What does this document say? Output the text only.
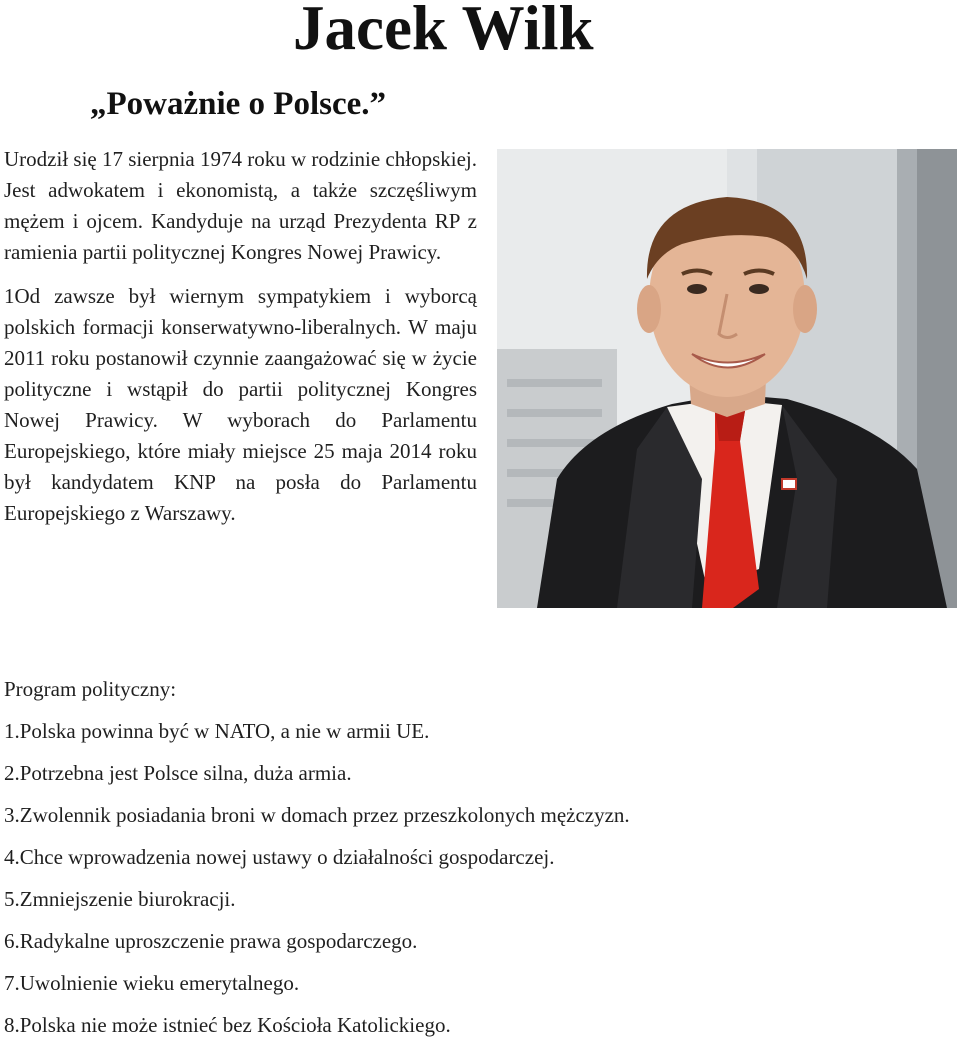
Jacek Wilk
„Poważnie o Polsce.”

Urodził się 17 sierpnia 1974 roku w rodzinie chłopskiej. Jest adwokatem i ekonomistą, a także szczęśliwym mężem i ojcem. Kandyduje na urząd Prezydenta RP z ramienia partii politycznej Kongres Nowej Prawicy.

1Od zawsze był wiernym sympatykiem i wyborcą polskich formacji konserwatywno-liberalnych. W maju 2011 roku postanowił czynnie zaangażować się w życie polityczne i wstąpił do partii politycznej Kongres Nowej Prawicy. W wyborach do Parlamentu Europejskiego, które miały miejsce 25 maja 2014 roku był kandydatem KNP na posła do Parlamentu Europejskiego z Warszawy.

Program polityczny:
1.Polska powinna być w NATO, a nie w armii UE.
2.Potrzebna jest Polsce silna, duża armia.
3.Zwolennik posiadania broni w domach przez przeszkolonych mężczyzn.
4.Chce wprowadzenia nowej ustawy o działalności gospodarczej.
5.Zmniejszenie biurokracji.
6.Radykalne uproszczenie prawa gospodarczego.
7.Uwolnienie wieku emerytalnego.
8.Polska nie może istnieć bez Kościoła Katolickiego.
